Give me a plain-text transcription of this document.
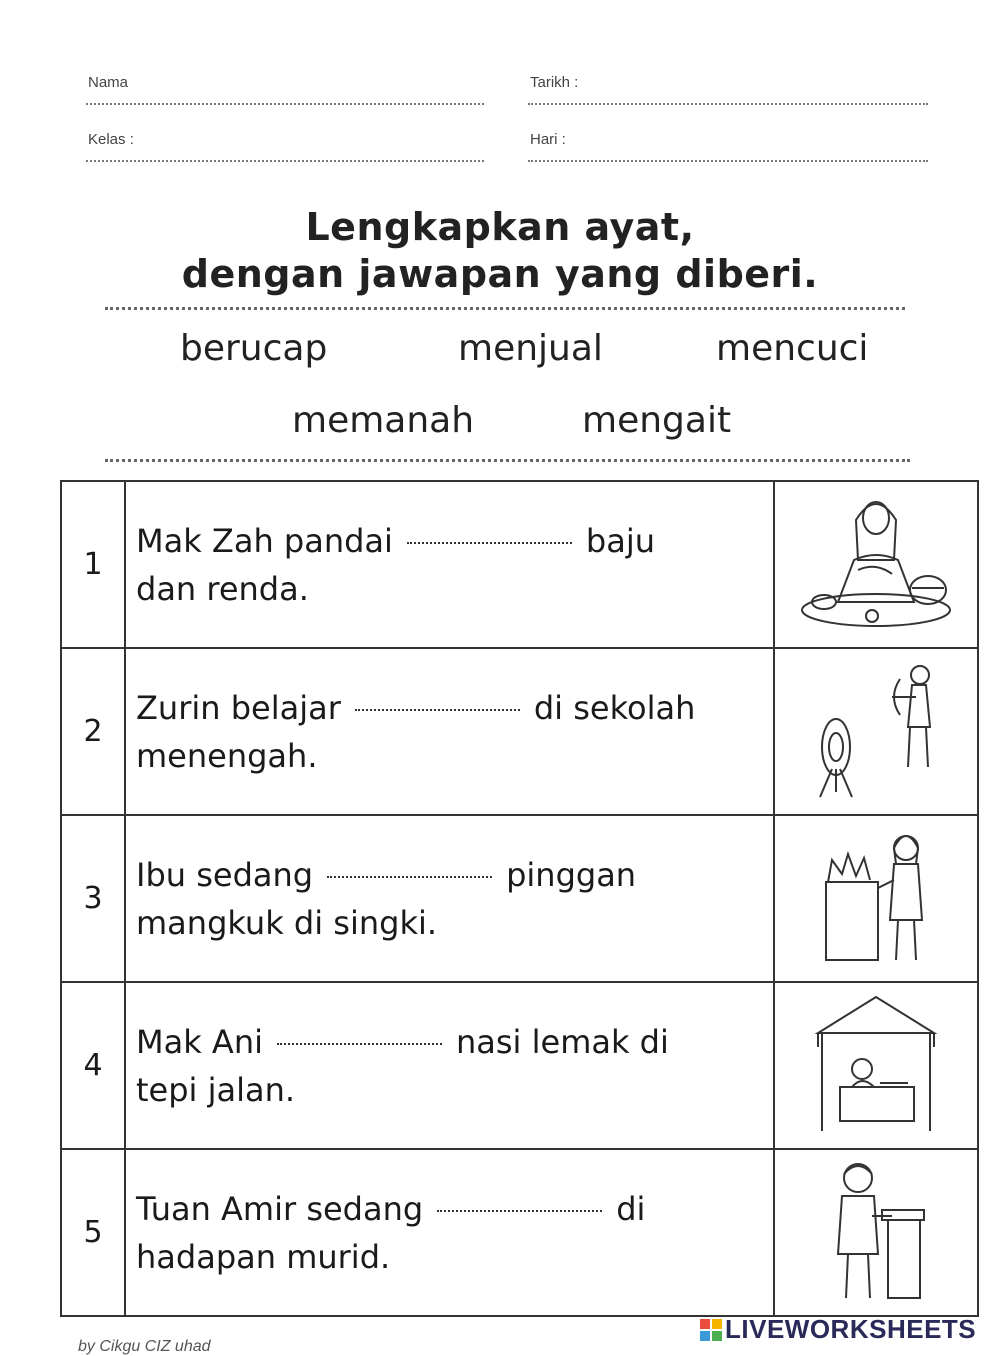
Nama	Tarikh :
Kelas :	Hari :
Lengkapkan ayat,
dengan jawapan yang diberi.
berucap	menjual	mencuci
memanah	mengait
1	Mak Zah pandai baju
dan renda.

2	Zurin belajar di sekolah
menengah.

3	Ibu sedang pinggan
mangkuk di singki.

4	Mak Ani nasi lemak di
tepi jalan.

5	Tuan Amir sedang di
hadapan murid.

by Cikgu CIZ uhad
LIVEWORKSHEETS
